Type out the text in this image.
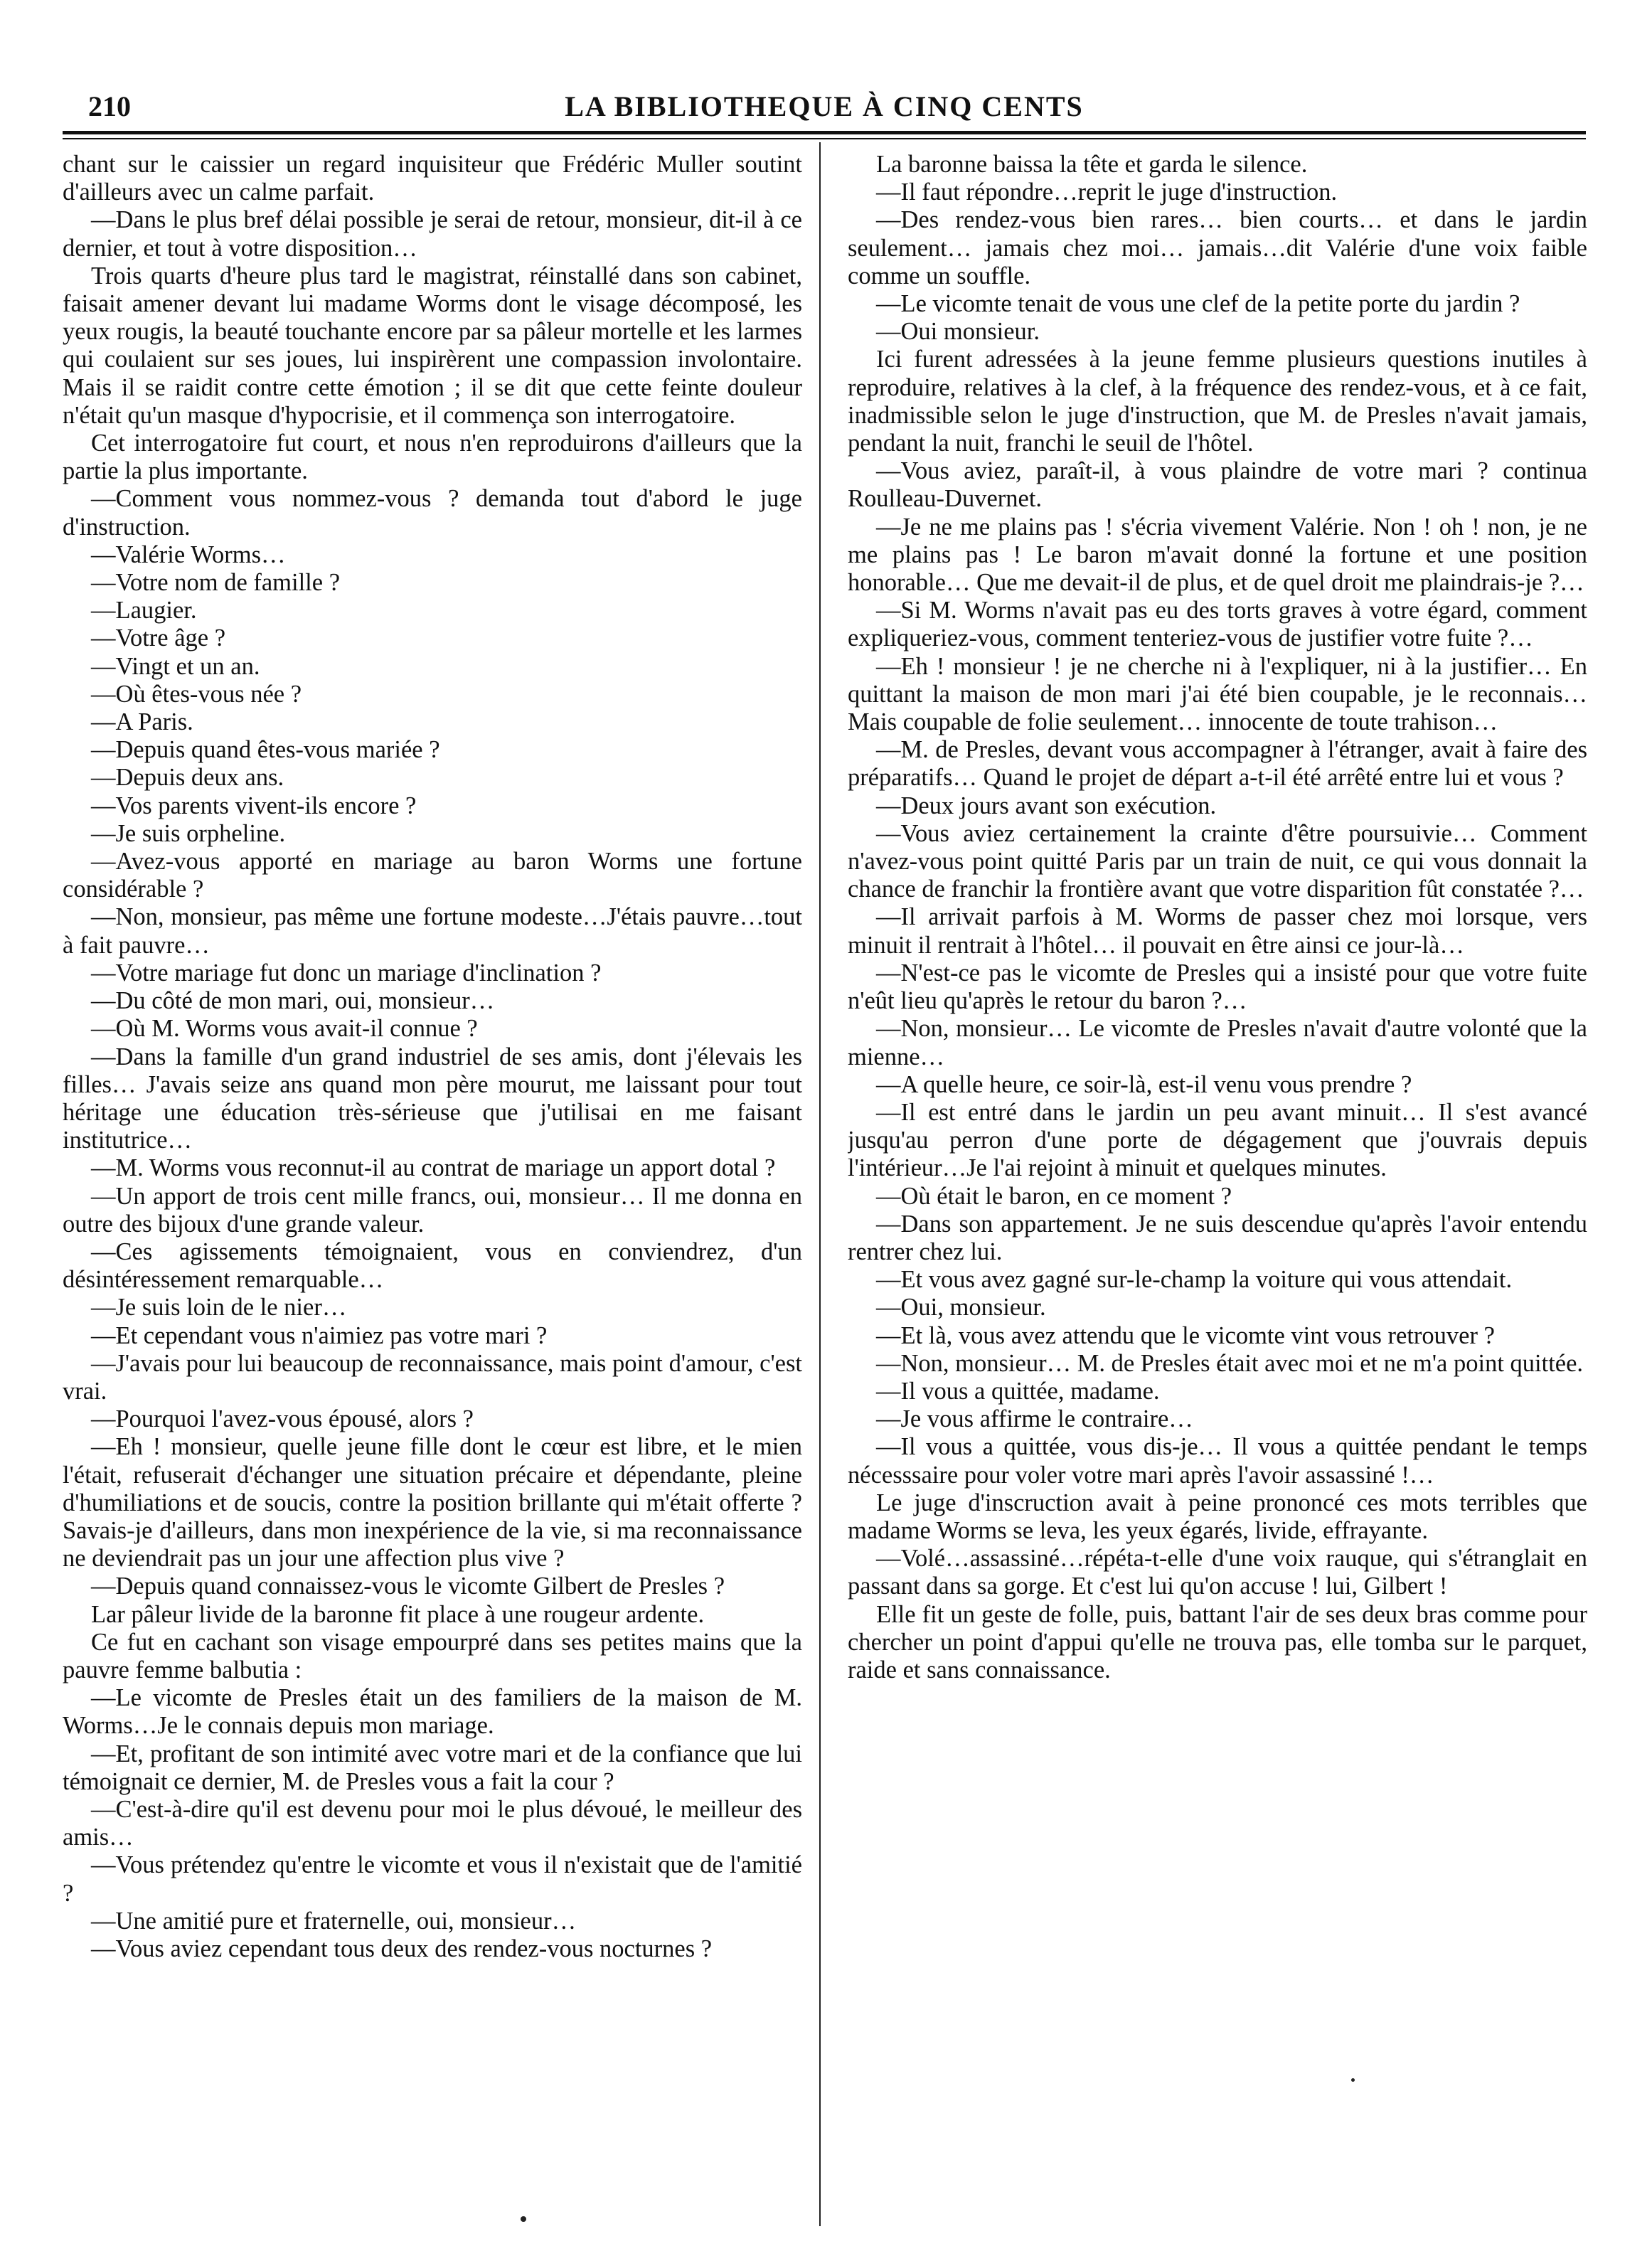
210	LA BIBLIOTHEQUE À CINQ CENTS

chant sur le caissier un regard inquisiteur que Frédéric Muller soutint d'ailleurs avec un calme parfait.

—Dans le plus bref délai possible je serai de retour, monsieur, dit-il à ce dernier, et tout à votre disposition…

Trois quarts d'heure plus tard le magistrat, réinstallé dans son cabinet, faisait amener devant lui madame Worms dont le visage décomposé, les yeux rougis, la beauté touchante encore par sa pâleur mortelle et les larmes qui coulaient sur ses joues, lui inspirèrent une compassion involontaire. Mais il se raidit contre cette émotion ; il se dit que cette feinte douleur n'était qu'un masque d'hypocrisie, et il commença son interrogatoire.

Cet interrogatoire fut court, et nous n'en reproduirons d'ailleurs que la partie la plus importante.

—Comment vous nommez-vous ? demanda tout d'abord le juge d'instruction.

—Valérie Worms…

—Votre nom de famille ?

—Laugier.

—Votre âge ?

—Vingt et un an.

—Où êtes-vous née ?

—A Paris.

—Depuis quand êtes-vous mariée ?

—Depuis deux ans.

—Vos parents vivent-ils encore ?

—Je suis orpheline.

—Avez-vous apporté en mariage au baron Worms une fortune considérable ?

—Non, monsieur, pas même une fortune modeste…J'étais pauvre…tout à fait pauvre…

—Votre mariage fut donc un mariage d'inclination ?

—Du côté de mon mari, oui, monsieur…

—Où M. Worms vous avait-il connue ?

—Dans la famille d'un grand industriel de ses amis, dont j'élevais les filles… J'avais seize ans quand mon père mourut, me laissant pour tout héritage une éducation très-sérieuse que j'utilisai en me faisant institutrice…

—M. Worms vous reconnut-il au contrat de mariage un apport dotal ?

—Un apport de trois cent mille francs, oui, monsieur… Il me donna en outre des bijoux d'une grande valeur.

—Ces agissements témoignaient, vous en conviendrez, d'un désintéressement remarquable…

—Je suis loin de le nier…

—Et cependant vous n'aimiez pas votre mari ?

—J'avais pour lui beaucoup de reconnaissance, mais point d'amour, c'est vrai.

—Pourquoi l'avez-vous épousé, alors ?

—Eh ! monsieur, quelle jeune fille dont le cœur est libre, et le mien l'était, refuserait d'échanger une situation précaire et dépendante, pleine d'humiliations et de soucis, contre la position brillante qui m'était offerte ? Savais-je d'ailleurs, dans mon inexpérience de la vie, si ma reconnaissance ne deviendrait pas un jour une affection plus vive ?

—Depuis quand connaissez-vous le vicomte Gilbert de Presles ?

Lar pâleur livide de la baronne fit place à une rougeur ardente.

Ce fut en cachant son visage empourpré dans ses petites mains que la pauvre femme balbutia :

—Le vicomte de Presles était un des familiers de la maison de M. Worms…Je le connais depuis mon mariage.

—Et, profitant de son intimité avec votre mari et de la confiance que lui témoignait ce dernier, M. de Presles vous a fait la cour ?

—C'est-à-dire qu'il est devenu pour moi le plus dévoué, le meilleur des amis…

—Vous prétendez qu'entre le vicomte et vous il n'existait que de l'amitié ?

—Une amitié pure et fraternelle, oui, monsieur…

—Vous aviez cependant tous deux des rendez-vous nocturnes ?

La baronne baissa la tête et garda le silence.

—Il faut répondre…reprit le juge d'instruction.

—Des rendez-vous bien rares… bien courts… et dans le jardin seulement… jamais chez moi… jamais…dit Valérie d'une voix faible comme un souffle.

—Le vicomte tenait de vous une clef de la petite porte du jardin ?

—Oui monsieur.

Ici furent adressées à la jeune femme plusieurs questions inutiles à reproduire, relatives à la clef, à la fréquence des rendez-vous, et à ce fait, inadmissible selon le juge d'instruction, que M. de Presles n'avait jamais, pendant la nuit, franchi le seuil de l'hôtel.

—Vous aviez, paraît-il, à vous plaindre de votre mari ? continua Roulleau-Duvernet.

—Je ne me plains pas ! s'écria vivement Valérie. Non ! oh ! non, je ne me plains pas ! Le baron m'avait donné la fortune et une position honorable… Que me devait-il de plus, et de quel droit me plaindrais-je ?…

—Si M. Worms n'avait pas eu des torts graves à votre égard, comment expliqueriez-vous, comment tenteriez-vous de justifier votre fuite ?…

—Eh ! monsieur ! je ne cherche ni à l'expliquer, ni à la justifier… En quittant la maison de mon mari j'ai été bien coupable, je le reconnais… Mais coupable de folie seulement… innocente de toute trahison…

—M. de Presles, devant vous accompagner à l'étranger, avait à faire des préparatifs… Quand le projet de départ a-t-il été arrêté entre lui et vous ?

—Deux jours avant son exécution.

—Vous aviez certainement la crainte d'être poursuivie… Comment n'avez-vous point quitté Paris par un train de nuit, ce qui vous donnait la chance de franchir la frontière avant que votre disparition fût constatée ?…

—Il arrivait parfois à M. Worms de passer chez moi lorsque, vers minuit il rentrait à l'hôtel… il pouvait en être ainsi ce jour-là…

—N'est-ce pas le vicomte de Presles qui a insisté pour que votre fuite n'eût lieu qu'après le retour du baron ?…

—Non, monsieur… Le vicomte de Presles n'avait d'autre volonté que la mienne…

—A quelle heure, ce soir-là, est-il venu vous prendre ?

—Il est entré dans le jardin un peu avant minuit… Il s'est avancé jusqu'au perron d'une porte de dégagement que j'ouvrais depuis l'intérieur…Je l'ai rejoint à minuit et quelques minutes.

—Où était le baron, en ce moment ?

—Dans son appartement. Je ne suis descendue qu'après l'avoir entendu rentrer chez lui.

—Et vous avez gagné sur-le-champ la voiture qui vous attendait.

—Oui, monsieur.

—Et là, vous avez attendu que le vicomte vint vous retrouver ?

—Non, monsieur… M. de Presles était avec moi et ne m'a point quittée.

—Il vous a quittée, madame.

—Je vous affirme le contraire…

—Il vous a quittée, vous dis-je… Il vous a quittée pendant le temps nécesssaire pour voler votre mari après l'avoir assassiné !…

Le juge d'inscruction avait à peine prononcé ces mots terribles que madame Worms se leva, les yeux égarés, livide, effrayante.

—Volé…assassiné…répéta-t-elle d'une voix rauque, qui s'étranglait en passant dans sa gorge. Et c'est lui qu'on accuse ! lui, Gilbert !

Elle fit un geste de folle, puis, battant l'air de ses deux bras comme pour chercher un point d'appui qu'elle ne trouva pas, elle tomba sur le parquet, raide et sans connaissance.
